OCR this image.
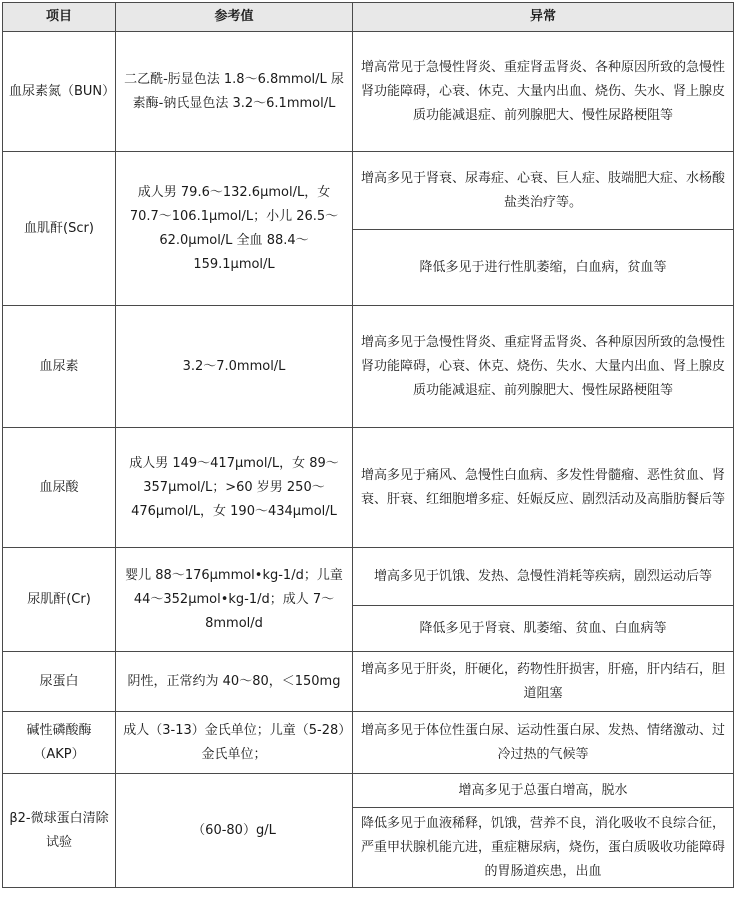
项目	参考值	异常
血尿素氮（BUN）	二乙酰-肟显色法 1.8～6.8mmol/L 尿素酶-钠氏显色法 3.2～6.1mmol/L	增高常见于急慢性肾炎、重症肾盂肾炎、各种原因所致的急慢性肾功能障碍，心衰、休克、大量内出血、烧伤、失水、肾上腺皮质功能减退症、前列腺肥大、慢性尿路梗阻等
血肌酐(Scr)	成人男 79.6～132.6μmol/L，女 70.7～106.1μmol/L；小儿 26.5～62.0μmol/L 全血 88.4～159.1μmol/L	增高多见于肾衰、尿毒症、心衰、巨人症、肢端肥大症、水杨酸盐类治疗等。
		降低多见于进行性肌萎缩，白血病，贫血等
血尿素	3.2～7.0mmol/L	增高多见于急慢性肾炎、重症肾盂肾炎、各种原因所致的急慢性肾功能障碍，心衰、休克、烧伤、失水、大量内出血、肾上腺皮质功能减退症、前列腺肥大、慢性尿路梗阻等
血尿酸	成人男 149～417μmol/L，女 89～357μmol/L；>60 岁男 250～476μmol/L，女 190～434μmol/L	增高多见于痛风、急慢性白血病、多发性骨髓瘤、恶性贫血、肾衰、肝衰、红细胞增多症、妊娠反应、剧烈活动及高脂肪餐后等
尿肌酐(Cr)	婴儿 88～176μmmol•kg-1/d；儿童 44～352μmol•kg-1/d；成人 7～8mmol/d	增高多见于饥饿、发热、急慢性消耗等疾病，剧烈运动后等
		降低多见于肾衰、肌萎缩、贫血、白血病等
尿蛋白	阴性，正常约为 40～80，＜150mg	增高多见于肝炎，肝硬化，药物性肝损害，肝癌，肝内结石，胆道阻塞
碱性磷酸酶（AKP）	成人（3-13）金氏单位；儿童（5-28）金氏单位；	增高多见于体位性蛋白尿、运动性蛋白尿、发热、情绪激动、过冷过热的气候等
β2-微球蛋白清除试验	（60-80）g/L	增高多见于总蛋白增高，脱水
		降低多见于血液稀释，饥饿，营养不良，消化吸收不良综合征，严重甲状腺机能亢进，重症糖尿病，烧伤，蛋白质吸收功能障碍的胃肠道疾患，出血
